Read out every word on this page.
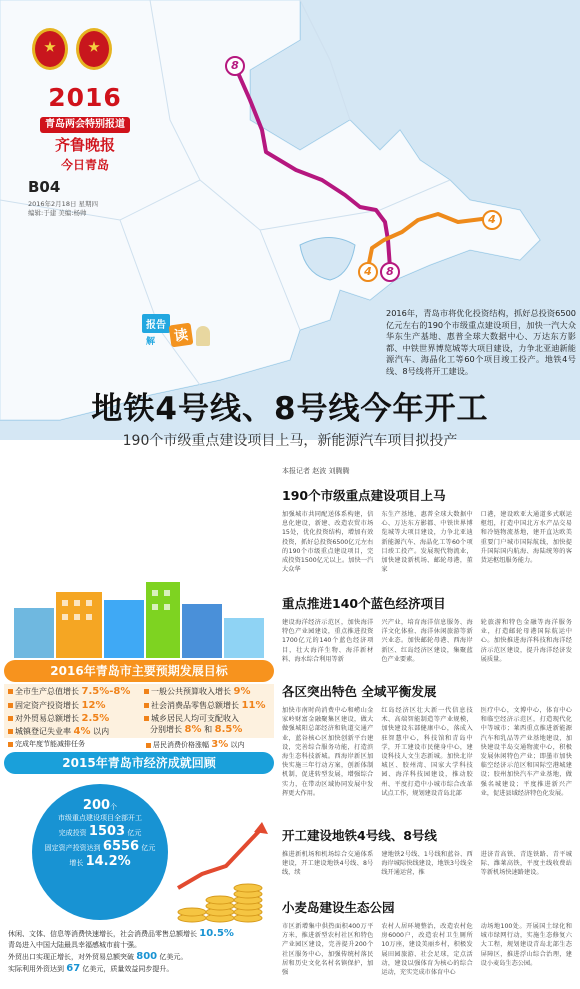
2016
青岛两会特别报道
齐鲁晚报
今日青岛
B04
2016年2月18日 星期四
编辑:于建 美编:杨帅
8
8
4
4
报告
解	读
2016年，青岛市将优化投资结构，抓好总投资6500亿元左右的190个市级重点建设项目，加快一汽大众华东生产基地、惠普全球大数据中心、万达东方影都、中铁世界博览城等大项目建设，力争北亚迪新能源汽车、海晶化工等60个项目竣工投产。地铁4号线、8号线将开工建设。
地铁4号线、8号线今年开工
190个市级重点建设项目上马，新能源汽车项目拟投产
本报记者 赵波 刘腾腾
190个市级重点建设项目上马
加强城市共同配送体系构建，信息化建设，新建、改造农贸市场15处，优化投资结构，增加有效投资，抓好总投资6500亿元左右的190个市级重点建设项目，完成投资1500亿元以上。加快一汽大众华
东生产基地、惠普全球大数据中心、万达东方影都、中铁世界博览城等大项目建设，力争北亚迪新能源汽车、海晶化工等60个项目竣工投产。发展现代物流业，加快建设新机场、邮轮母港，董家
口港，建设欧亚大通道多式联运枢纽，打造中国北方水产品交易和冷链物流基地，建开直达欧美重要门户城市国际航线，加快提升国际国内航海、海陆统筹的客货运枢纽服务能力。
重点推进140个蓝色经济项目
建设海洋经济示范区，加快海洋特色产业园建设，重点推进投资1700亿元的140个蓝色经济项目，壮大海洋生物、海洋新材料、海水综合利用等新
兴产业，培育海洋信息服务、海洋文化体验、海洋休闲旅游等新兴业态。加快邮轮母港、西海岸新区、红岛经济区建设，集聚蓝色产业要素。
轮旅游和特色金融等海洋服务业，打造邮轮母港国际航运中心。加快推进海洋科技和海洋经济示范区建设，提升海洋经济发展质量。
各区突出特色 全域平衡发展
加快市南时尚消费中心和崂山金家岭财富金融聚集区建设，做大做强城阳总部经济和轨道交通产业，蓝谷核心区加快创新平台建设，完善综合服务功能，打造滨海生态科技新城。西海岸新区加快实施三年行动方案，创新体制机制，促进转型发展，增强综合实力，在带动区域协同发展中发挥更大作用。
红岛经济区壮大新一代信息技术、高端智能制造等产业规模，加快建设东部健康中心，落成入驻智慧中心，科技馆和青岛中学，开工建设市民健身中心，建设科技人文生态新城。加快北岸城区、胶州湾、国家大学科技园、海洋科技园建设，推动胶州、平度打造中小城市综合改革试点工作，规划建设青岛北部
医疗中心，文博中心，体育中心和临空经济示范区，打造现代化中等城市；莱西重点推进新能源汽车和乳品等产业基地建设，加快建设半岛交通物流中心，积极发展休闲特色产业；即墨市加快临空经济示范区和国际空港城建设；胶州加快汽车产业基地，做强名城建设；平度推进新兴产业，促进县域经济特色化发展。
开工建设地铁4号线、8号线
推进新机场和机场综合交通体系建设，开工建设地铁4号线、8号线，续
建地铁2号线、1号线和蓝谷、西海岸城际快线建设，地铁3号线全线开通运营，推
进济青高铁、青连铁路、青平城际、潍莱高铁，平度主线收费站等新机场快速路建设。
小麦岛建设生态公园
市区新增集中供热面积400万平方米，推进新型农村社区和特色产业园区建设，完善提升200个社区服务中心，加强传统村落民居和历史文化名村名镇保护，加强
农村人居环境整治，改造农村危房6000户，改造农村卫生厕所10万座，建设美丽乡村，积极发展田园旅游、社会足球，定点活动，建设以强体育为核心的综合运动，充实完成市体育中心
动场地100处。开展国土绿化和城市绿网行动，实施生态修复六大工程，规划建设青岛北部生态屏障区，推进浮山综合治理，建设小麦岛生态公园。
2016年青岛市主要预期发展目标
全市生产总值增长 7.5%-8%	一般公共预算收入增长 9%
固定资产投资增长 12%	社会消费品零售总额增长 11%
对外贸易总额增长 2.5%	城乡居民人均可支配收入
城镇登记失业率 4% 以内	分别增长 8% 和 8.5%
完成年度节能减排任务	居民消费价格涨幅 3% 以内
2015年青岛市经济成就回顾
200个
市级重点建设项目全部开工
完成投资 1503 亿元
固定资产投资达到 6556 亿元
增长 14.2%
休闲、文体、信息等消费快速增长，社会消费品零售总额增长 10.5%
青岛进入中国大陆最具幸福感城市前十强。
外贸出口实现正增长，对外贸易总额突破 800 亿美元。
实际利用外资达到 67 亿美元，质量效益同步提升。
